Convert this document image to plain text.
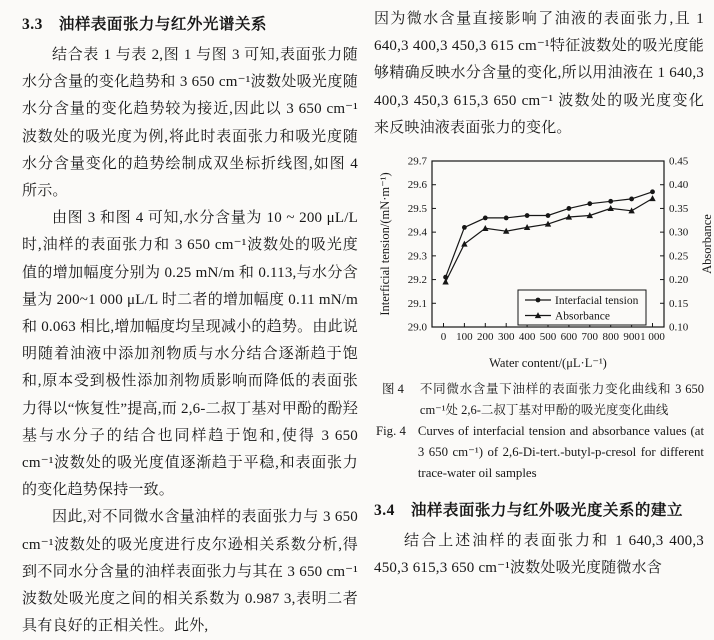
3.3　油样表面张力与红外光谱关系

结合表 1 与表 2,图 1 与图 3 可知,表面张力随水分含量的变化趋势和 3 650 cm⁻¹波数处吸光度随水分含量的变化趋势较为接近,因此以 3 650 cm⁻¹波数处的吸光度为例,将此时表面张力和吸光度随水分含量变化的趋势绘制成双坐标折线图,如图 4 所示。

由图 3 和图 4 可知,水分含量为 10 ~ 200 μL/L 时,油样的表面张力和 3 650 cm⁻¹波数处的吸光度值的增加幅度分别为 0.25 mN/m 和 0.113,与水分含量为 200~1 000 μL/L 时二者的增加幅度 0.11 mN/m 和 0.063 相比,增加幅度均呈现减小的趋势。由此说明随着油液中添加剂物质与水分结合逐渐趋于饱和,原本受到极性添加剂物质影响而降低的表面张力得以“恢复性”提高,而 2,6-二叔丁基对甲酚的酚羟基与水分子的结合也同样趋于饱和,使得 3 650 cm⁻¹波数处的吸光度值逐渐趋于平稳,和表面张力的变化趋势保持一致。

因此,对不同微水含量油样的表面张力与 3 650 cm⁻¹波数处的吸光度进行皮尔逊相关系数分析,得到不同水分含量的油样表面张力与其在 3 650 cm⁻¹ 波数处吸光度之间的相关系数为 0.987 3,表明二者具有良好的正相关性。此外,

因为微水含量直接影响了油液的表面张力,且 1 640,3 400,3 450,3 615 cm⁻¹特征波数处的吸光度能够精确反映水分含量的变化,所以用油液在 1 640,3 400,3 450,3 615,3 650 cm⁻¹ 波数处的吸光度变化来反映油液表面张力的变化。

0 100 200 300 400 500 600 700 800 900 1 000
29.0
29.1
29.2
29.3
29.4
29.5
29.6
29.7
0.10
0.15
0.20
0.25
0.30
0.35
0.40
0.45
Interfacial tension
Absorbance
Interficial tension/(mN·m⁻¹)	Absorbance
Water content/(μL·L⁻¹)
图 4 不同微水含量下油样的表面张力变化曲线和 3 650 cm⁻¹处 2,6-二叔丁基对甲酚的吸光度变化曲线
Fig. 4 Curves of interfacial tension and absorbance values (at 3 650 cm⁻¹) of 2,6-Di-tert.-butyl-p-cresol for different trace-water oil samples
3.4　油样表面张力与红外吸光度关系的建立

结合上述油样的表面张力和 1 640,3 400,3 450,3 615,3 650 cm⁻¹波数处吸光度随微水含
